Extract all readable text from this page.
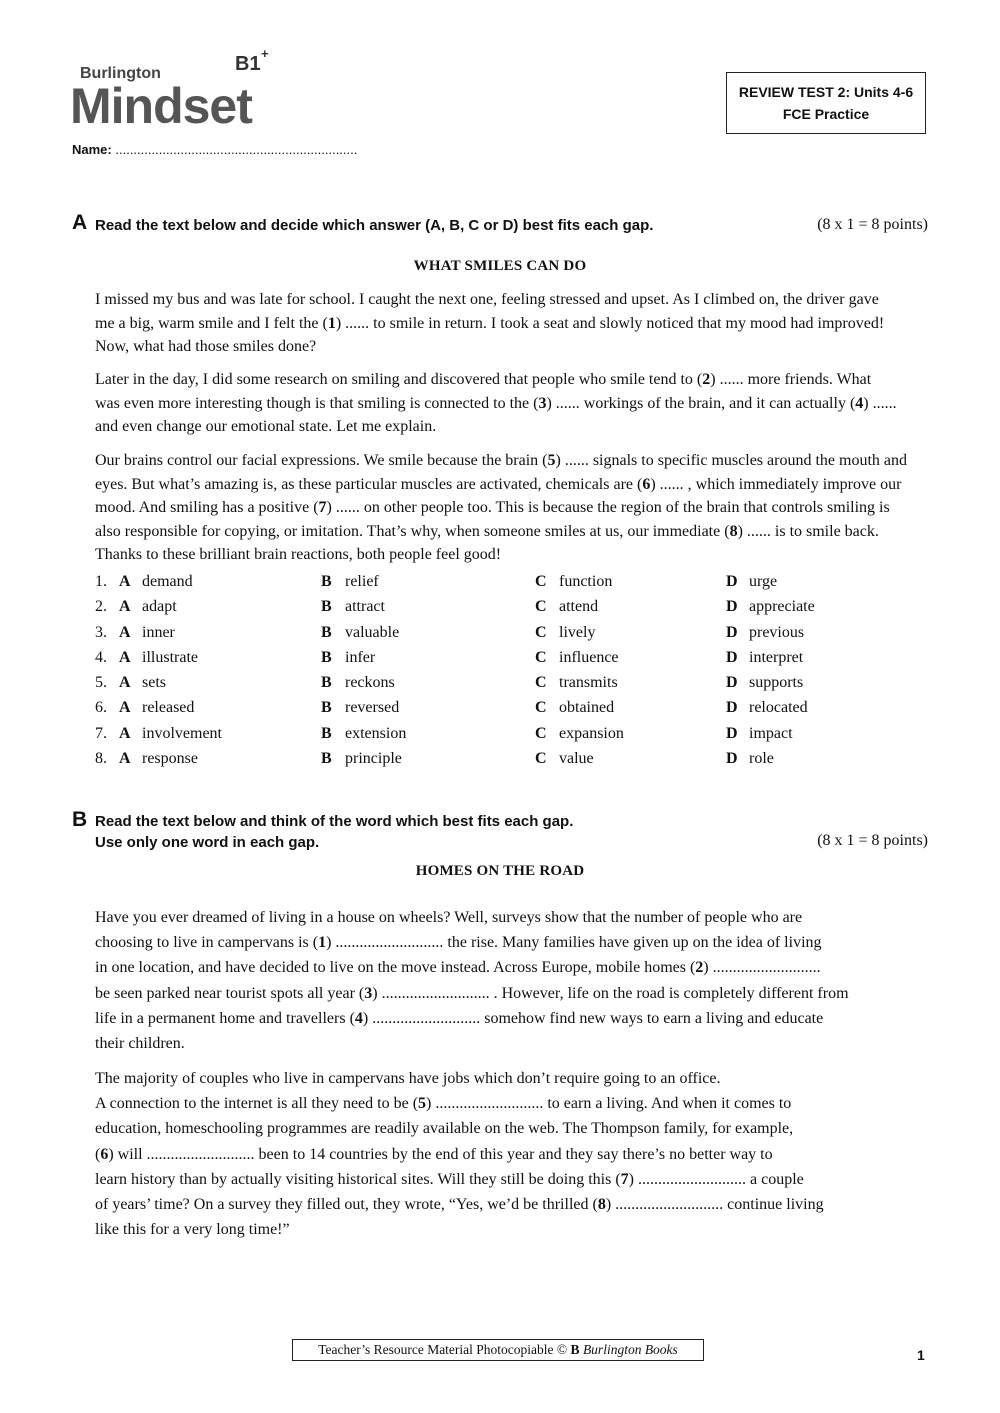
Burlington
Mindset
B1 +
REVIEW TEST 2: Units 4-6
FCE Practice
Name: ...................................................................
A Read the text below and decide which answer (A, B, C or D) best fits each gap.	(8 x 1 = 8 points)
WHAT SMILES CAN DO

I missed my bus and was late for school. I caught the next one, feeling stressed and upset. As I climbed on, the driver gave me a big, warm smile and I felt the (1) ...... to smile in return. I took a seat and slowly noticed that my mood had improved! Now, what had those smiles done?

Later in the day, I did some research on smiling and discovered that people who smile tend to (2) ...... more friends. What was even more interesting though is that smiling is connected to the (3) ...... workings of the brain, and it can actually (4) ...... and even change our emotional state. Let me explain.

Our brains control our facial expressions. We smile because the brain (5) ...... signals to specific muscles around the mouth and eyes. But what’s amazing is, as these particular muscles are activated, chemicals are (6) ...... , which immediately improve our mood. And smiling has a positive (7) ...... on other people too. This is because the region of the brain that controls smiling is also responsible for copying, or imitation. That’s why, when someone smiles at us, our immediate (8) ...... is to smile back. Thanks to these brilliant brain reactions, both people feel good!

1. A demand	B relief	C function	D urge
2. A adapt	B attract	C attend	D appreciate
3. A inner	B valuable	C lively	D previous
4. A illustrate	B infer	C influence	D interpret
5. A sets	B reckons	C transmits	D supports
6. A released	B reversed	C obtained	D relocated
7. A involvement	B extension	C expansion	D impact
8. A response	B principle	C value	D role
B Read the text below and think of the word which best fits each gap.
Use only one word in each gap.	(8 x 1 = 8 points)
HOMES ON THE ROAD
Have you ever dreamed of living in a house on wheels? Well, surveys show that the number of people who are
choosing to live in campervans is (1) ........................... the rise. Many families have given up on the idea of living
in one location, and have decided to live on the move instead. Across Europe, mobile homes (2) ...........................
be seen parked near tourist spots all year (3) ........................... . However, life on the road is completely different from
life in a permanent home and travellers (4) ........................... somehow find new ways to earn a living and educate
their children.
The majority of couples who live in campervans have jobs which don’t require going to an office.
A connection to the internet is all they need to be (5) ........................... to earn a living. And when it comes to
education, homeschooling programmes are readily available on the web. The Thompson family, for example,
(6) will ........................... been to 14 countries by the end of this year and they say there’s no better way to
learn history than by actually visiting historical sites. Will they still be doing this (7) ........................... a couple
of years’ time? On a survey they filled out, they wrote, “Yes, we’d be thrilled (8) ........................... continue living
like this for a very long time!”
Teacher’s Resource Material Photocopiable © B Burlington Books	1
